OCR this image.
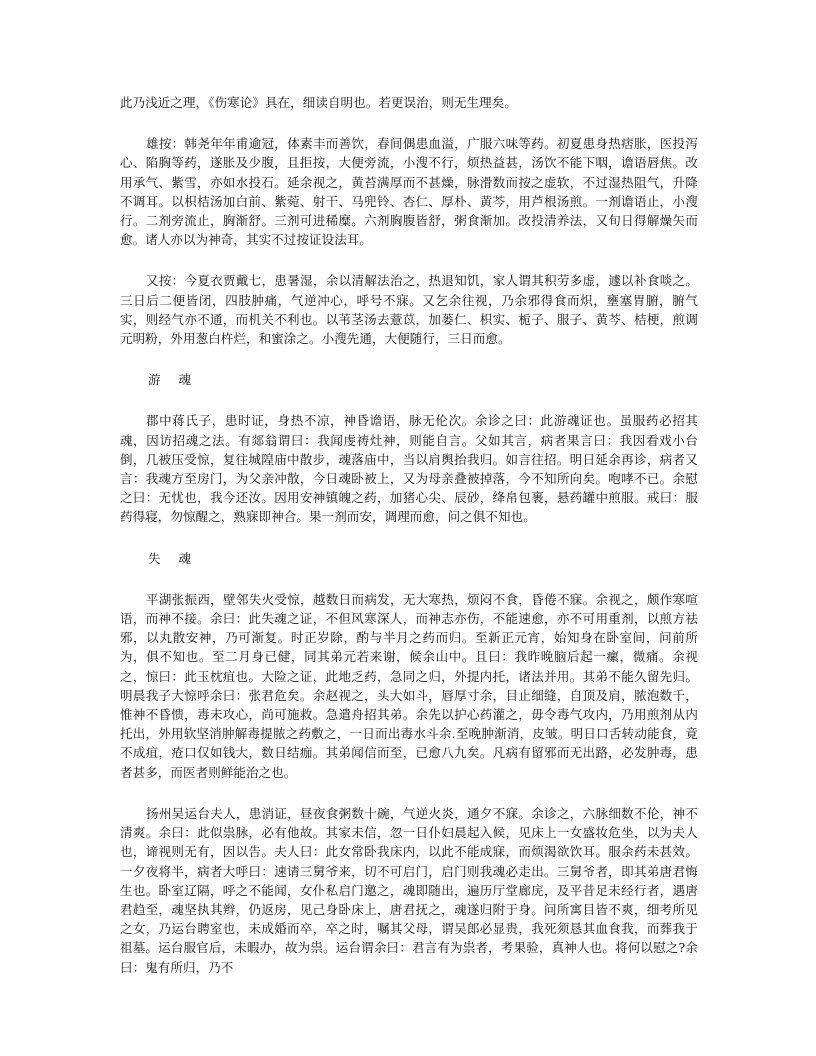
此乃浅近之理，《伤寒论》具在，细读自明也。若更误治，则无生理矣。

雄按：韩尧年年甫逾冠，体素丰而善饮，春间偶患血溢，广服六味等药。初夏患身热痞胀，医投泻心、陷胸等药，遂胀及少腹，且拒按，大便旁流，小溲不行，烦热益甚，汤饮不能下咽，谵语唇焦。改用承气、紫雪，亦如水投石。延余视之，黄苔满厚而不甚燥，脉滑数而按之虚软，不过湿热阻气，升降不调耳。以枳桔汤加白前、紫菀、射干、马兜铃、杏仁、厚朴、黄芩，用芦根汤煎。一剂谵语止，小溲行。二剂旁流止，胸渐舒。三剂可进稀糜。六剂胸腹皆舒，粥食渐加。改投清养法，又旬日得解燥矢而愈。诸人亦以为神奇，其实不过按证设法耳。

又按：今夏衣贾戴七，患暑湿，余以清解法治之，热退知饥，家人谓其积劳多虚，遽以补食啖之。三日后二便皆闭，四肢肿痛，气逆冲心，呼号不寐。又乞余往视，乃余邪得食而炽，壅塞胃腑，腑气实，则经气亦不通，而机关不利也。以苇茎汤去薏苡，加蒌仁、枳实、栀子、服子、黄芩、桔梗，煎调元明粉，外用葱白杵烂，和蜜涂之。小溲先通，大便随行，三日而愈。

游 魂

郡中蒋氏子，患时证，身热不凉，神昏谵语，脉无伦次。余诊之曰：此游魂证也。虽服药必招其魂，因访招魂之法。有郯翁谓曰：我闻虔祷灶神，则能自言。父如其言，病者果言曰：我因看戏小台倒，几被压受惊，复往城隍庙中散步，魂落庙中，当以肩舆抬我归。如言往招。明日延余再诊，病者又言：我魂方至房门，为父亲冲散，今日魂卧被上，又为母亲叠被掉落，今不知所向矣。咆哮不已。余慰之曰：无忧也，我今还汝。因用安神镇魄之药，加猪心尖、辰砂，绛帛包裹，悬药罐中煎服。戒曰：服药得寝，勿惊醒之，熟寐即神合。果一剂而安，调理而愈，问之俱不知也。

失 魂

平湖张振西，壁邻失火受惊，越数日而病发，无大寒热，烦闷不食，昏倦不寐。余视之，颇作寒喧语，而神不接。余曰：此失魂之证，不但风寒深人，而神志亦伤，不能速愈，亦不可用重剂，以煎方祛邪，以丸散安神，乃可渐复。时正岁除，酌与半月之药而归。至新正元宵，始知身在卧室间，问前所为，俱不知也。至二月身已健，同其弟元若来谢，候余山中。且曰：我昨晚脑后起一瘰，微痛。余视之，惊曰：此玉枕疽也。大险之证，此地乏药，急同之归，外提内托，诸法并用。其弟不能久留先归。明晨我子大惊呼余曰：张君危矣。余赵视之，头大如斗，唇厚寸余，目止细缝，自顶及肩，脓泡数千，惟神不昏愦，毒未攻心，尚可施救。急遣舟招其弟。余先以护心药灌之，毋令毒气攻内，乃用煎剂从内托出，外用软坚消肿解毒提脓之药敷之，一日而出毒水斗余.至晚肿渐消，皮皱。明日口舌转动能食，竟不成疽，疮口仅如钱大，数日结痂。其弟闻信而至，已愈八九矣。凡病有留邪而无出路，必发肿毒，患者甚多，而医者则鲜能治之也。

扬州吴运台夫人，患消证，昼夜食粥数十碗，气逆火炎，通夕不寐。余诊之，六脉细数不伦，神不清爽。余曰：此似祟脉，必有他故。其家未信，忽一日仆妇晨起入候，见床上一女盛妆危坐，以为夫人也，谛视则无有，因以告。夫人曰：此女常卧我床内，以此不能成寐，而烦渴欲饮耳。服余药未甚效。一夕夜将半，病者大呼曰：速请三舅爷来，切不可启门，启门则我魂必走出。三舅爷者，即其弟唐君悔生也。卧室辽隔，呼之不能闻，女仆私启门邀之，魂即随出，遍历厅堂廊庑，及平昔足未经行者，遇唐君趋至，魂坚执其辫，仍返房，见己身卧床上，唐君抚之，魂遂归附于身。问所寓目皆不爽，细考所见之女，乃运台聘室也，未成婚而卒，卒之时，嘱其父母，谓吴郎必显贵，我死须恳其血食我，而葬我于祖墓。运台服官后，未暇办，故为祟。运台谓余曰：君言有为祟者，考果验，真神人也。将何以慰之?余曰：鬼有所归，乃不
